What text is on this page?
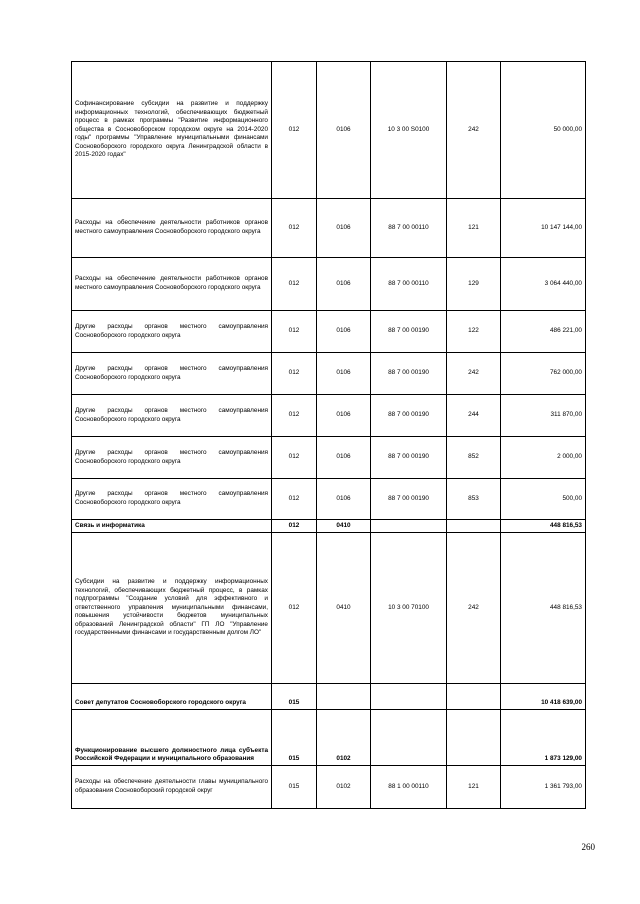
Софинансирование субсидии на развитие и поддержку информационных технологий, обеспечивающих бюджетный процесс в рамках программы "Развитие информационного общества в Сосновоборском городском округе на 2014-2020 годы" программы "Управление муниципальными финансами Сосновоборского городского округа Ленинградской области в 2015-2020 годах"	012	0106	10 3 00 S0100	242	50 000,00
Расходы на обеспечение деятельности работников органов местного самоуправления Сосновоборского городского округа	012	0106	88 7 00 00110	121	10 147 144,00
Расходы на обеспечение деятельности работников органов местного самоуправления Сосновоборского городского округа	012	0106	88 7 00 00110	129	3 064 440,00
Другие расходы органов местного самоуправления Сосновоборского городского округа	012	0106	88 7 00 00190	122	486 221,00
Другие расходы органов местного самоуправления Сосновоборского городского округа	012	0106	88 7 00 00190	242	762 000,00
Другие расходы органов местного самоуправления Сосновоборского городского округа	012	0106	88 7 00 00190	244	311 870,00
Другие расходы органов местного самоуправления Сосновоборского городского округа	012	0106	88 7 00 00190	852	2 000,00
Другие расходы органов местного самоуправления Сосновоборского городского округа	012	0106	88 7 00 00190	853	500,00
Связь и информатика	012	0410			448 816,53
Субсидии на развитие и поддержку информационных технологий, обеспечивающих бюджетный процесс, в рамках подпрограммы "Создание условий для эффективного и ответственного управления муниципальными финансами, повышения устойчивости бюджетов муниципальных образований Ленинградской области" ГП ЛО "Управление государственными финансами и государственным долгом ЛО"	012	0410	10 3 00 70100	242	448 816,53
Совет депутатов Сосновоборского городского округа	015				10 418 639,00
Функционирование высшего должностного лица субъекта Российской Федерации и муниципального образования	015	0102			1 873 129,00
Расходы на обеспечение деятельности главы муниципального образования Сосновоборский городской округ	015	0102	88 1 00 00110	121	1 361 793,00
260
